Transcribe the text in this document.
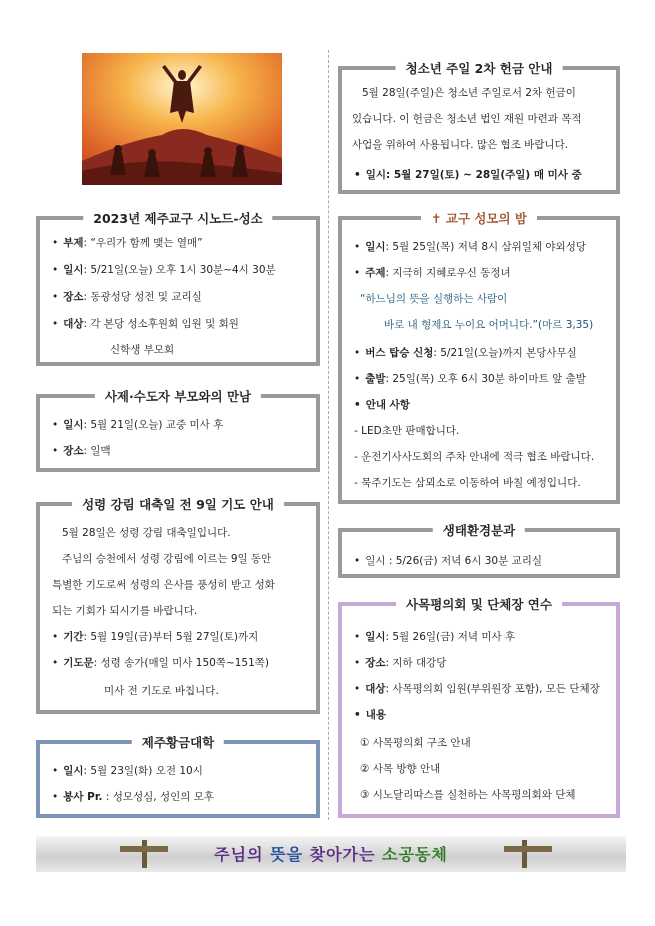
2023년 제주교구 시노드-성소
• 부제: “우리가 함께 맺는 열매”
• 일시: 5/21일(오늘) 오후 1시 30분~4시 30분
• 장소: 동광성당 성전 및 교리실
• 대상: 각 본당 성소후원회 임원 및 회원
신학생 부모회
사제·수도자 부모와의 만남
• 일시: 5월 21일(오늘) 교중 미사 후
• 장소: 일맥
성령 강림 대축일 전 9일 기도 안내

5월 28일은 성령 강림 대축일입니다.

주님의 승천에서 성령 강림에 이르는 9일 동안

특별한 기도로써 성령의 은사를 풍성히 받고 성화

되는 기회가 되시기를 바랍니다.

• 기간: 5월 19일(금)부터 5월 27일(토)까지
• 기도문: 성령 송가(매일 미사 150쪽~151쪽)
미사 전 기도로 바칩니다.
제주황금대학
• 일시: 5월 23일(화) 오전 10시
• 봉사 Pr. : 성모성심, 성인의 모후
청소년 주일 2차 헌금 안내

5월 28일(주일)은 청소년 주일로서 2차 헌금이

있습니다. 이 헌금은 청소년 법인 재원 마련과 목적

사업을 위하여 사용됩니다. 많은 협조 바랍니다.

• 일시: 5월 27일(토) ~ 28일(주일) 매 미사 중
✝ 교구 성모의 밤
• 일시: 5월 25일(목) 저녁 8시 삼위일체 야외성당
• 주제: 지극히 지혜로우신 동정녀
“하느님의 뜻을 실행하는 사람이
바로 내 형제요 누이요 어머니다.”(마르 3,35)
• 버스 탑승 신청: 5/21일(오늘)까지 본당사무실
• 출발: 25일(목) 오후 6시 30분 하이마트 앞 출발
• 안내 사항
- LED초만 판매합니다.
- 운전기사사도회의 주차 안내에 적극 협조 바랍니다.
- 묵주기도는 삼뫼소로 이동하여 바칠 예정입니다.
생태환경분과
• 일시 : 5/26(금) 저녁 6시 30분 교리실
사목평의회 및 단체장 연수
• 일시: 5월 26일(금) 저녁 미사 후
• 장소: 지하 대강당
• 대상: 사목평의회 임원(부위원장 포함), 모든 단체장
• 내용
① 사목평의회 구조 안내
② 사목 방향 안내
③ 시노달리따스를 실천하는 사목평의회와 단체
주님의 뜻을 찾아가는 소공동체
